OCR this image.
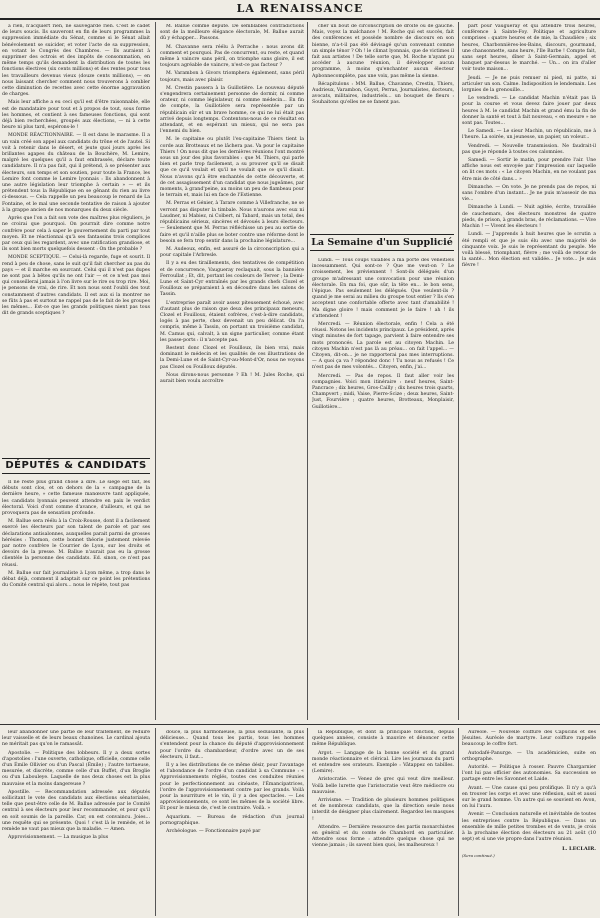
LA RENAISSANCE

à rien, n'acquiert rien, ne sauvegarde rien. C'est le cadet de leurs soucis. Ils sauveront en fin de leurs programmes la suppression immédiate du Sénat, comme si le Sénat allait bénévolement se suicider, et voter l'acte de sa suppression, en votant le Congrès des Chambres. — Ils auraient à supprimer des octrois et des impôts de consommation, en même temps qu'ils demandent la distribution de toutes les fonctions électives (six cents millions) et des rentes pour tous les travailleurs devenus vieux (douze cents millions), — en nous laissant chercher comment nous trouverons à combler cette diminution de recettes avec cette énorme aggravation de charges.

Mais leur affiche a eu ceci qu'il est d'être raisonnable, elle est de mandataire pour tout et à propos de tout, sous forme les hommes, et contient à ses fameuses fonctions, qui sont déjà bien recherchées, groupés aux élections, — ni à cette heure ni plus tard, espérons-le !

MONDE RÉACTIONNAIRE. — Il est dans le marasme. Il a un vain créé son appel aux candidats du trône et de l'autel. Si voit à retenir dans le désert, et jeute quoi jours après les brillantes agapes du château de la Bouchère, M. Lemire, malgré les quelques qu'il a faut embrassés, déclare toute candidature. Il n'a pas fait, qui il prétend, à se présenter aux électeurs, son temps et son soutien, pour toute la France, les Lemire font comme le Lemire lyonnais : Ils abandonnent à une autre législation leur triomphe à certain » — et ils prétendent tous la République en se gênant du rien au livre ci-dessous. — Cela rappelle un peu beaucoup le renard de La Fontaine, et le mal une seconde tentative de raison à ajouter à la grappe ancien de nos monarques du deux siècle.

Après que l'on a fait son vote des maîtres plus réguliers, je ne croirai que pourquoi. On pourrait dire comme notre confrère pour cela à saper le gouvernement du parti par tout moyen. Et ne réactionnai qu'à ses fantassins trois complices par ceux qui les regardent, avec une ratification grandiose, et ils sont bien morts quelquefois dessent : On the probable ?

MONDE SCEPTIQUE. — Celui-là regarde, fuge et sourit. Il rend à peu de chose, sans le suit qu'il fait chercher au pas du pays — et il marche en sourcant. Celui qui il n'est pas dupes ne sont pas à bêtes qu'ils ne ont l'air — et ce n'est pas moi qui conseillerai jamais à l'on livre sur le rire ou trop rire. Moi, je pensons de vrai, de rire. Et non nous sont l'oubli des tout constamment d'autres candidats. Il est aux si la montrer ne se fûts à pas et surtout ne rappel pas de le fait de les groupes les mêmes... Est-ce que les grands politiques nient pas tous dit de grands sceptiques ?

DÉPUTÉS & CANDIDATS

Il ne reste plus grand chose à dire. Le siège est fait, les débuts sont clos, et on dehors de la « campagne de la dernière heure, » cette fameuse manœuvre tant appliquée, les candidats lyonnais peuvent attendre en paix le verdict électoral. Voici d'ont comme d'avance, d'ailleurs, et qui ne provoquera pas de sensation profonde.

M. Ballue sera réélu à la Croix-Rousse, dont il a facilement exercé les électeurs par son talent de parole et par ses déclarations antisalonnes, auxquelles parait parmi de grosses hérésies : Thomon, cette bonnet théorie justement relevée par notre confrère le Courrier de Lyon, sur les droits et devoirs de la presse. M. Ballue n'aurait pas eu la grosse clientèle la personne des candidats. Ed. sinon, ce n'est pas réussi.

M. Ballue sur fait journaliste à Lyon même, a trop dans le débat déjà, comment il adaptait sur ce point les prétentions du Comité central qui alors... nous le répète, tout pas

M. Ballue comme député. De semblables contradictions sont de la meilleure élégance électorale, M. Ballue aurait dû y échapper... Passons.

M. Chavanne sera réélu à Perrache : nous avons dit comment et pourquoi. Pas de concurrent, ou reste, et quand même à vaincre sans péril, on triomphe sans gloire, il est toujours agréable de vaincre, n'est-ce pas facteur ?

M. Varambon à Givors triomphera également, sans péril toujours, mais avec plaisir.

M. Crestin passera à la Guillotière. Le nouveau député s'engendrera certainement personne de dormir, ni comme orateur, ni comme législateur, ni comme médecin... En fin de compte, la Guillotière sera représentée par un républicain sûr et un brave homme, ce qui ne lui était pas arrivé depuis longtemps. Contentons-nous de ce résultat en attendant, et en espérant un mieux, qui ne sera pas l'ennemi du bien.

M. le capitaine ou plutôt l'ex-capitaine Thiers tient la corde aux Brotteaux et ne lâchera pas. Va pour le capitaine Thiers ! On nous dit que les dernières réunions l'ont montré sous un jour des plus favorables : que M. Thiers, qui parle bien et parle trop facilement, a su prouver qu'il se disait que ce qu'il voulait et qu'il ne voulait que ce qu'il disait. Nous n'avons qu'à être enchantés de cette découverte, et de cet assagissement d'un candidat que nous jugeâmes, par moments, à grand'peine, au moins un peu de flambeau pour le terrain et, mais lui en face de l'Estienne.

M. Perras et Génier, à Tarare comme à Villefranche, ne se verront pas disputer la timbale. Nous n'aurons avec eux ni Laudner, ni Mabiez, ni Colbert, ni Tabard, mais un total, des républicains sérieux, sincères et dévoués à leurs électeurs. — Seulement que M. Perras réfléchisse un peu au sortie de faire et qu'il n'aille plus se boter contre une réforme dont le besoin se fera trop sentir dans la prochaine législature...

M. Audeoux, enfin, est assuré de la circonscription qui a pour capitale l'Arbresle.

Il y a eu des tiraillements, des tentatives de compétition et de concurrence, Vaugueray reclaquait, sous la bannière Ferroullat ; Et, dit, portant les couleurs de Terver ; la Demi-Lune et Saint-Cyr entraînés par les grands chefs Clozel et Fouilloux se préparaient à en découdre dans les salons de Tassin.

L'entreprise paraît avoir assez piteusement échoué, avec d'autant plus de raison que deux des principaux meneurs, Clozel et Fouilloux, étaient cofrères, c'est-à-dire candidats, logés à pas perte, chez devenait un peu délicat. On l'a compris, même à Tassin, on portant un troisième candidat, M. Camus qui, calvalt, à un signe particulier, comme étant les passe-ports : il n'accepte pas.

Restent donc Clozel et Fouilloux, ils bien vrai, mais dominant le médecin et les qualités de ces illustrations de la Demi-Lune et de Saint-Cyr-au-Mont-d'Or, nous ne voyons pas Clozel ou Fouilloux députés.

Nous dirons-nous personne ? Eh ! M. Jules Roche, qui aurait bien voulu accroître

cher un bout de circonscription de droite ou de gauche. Mais, voyez la malchance ! M. Roche qui est succès, fait des conférences et possède nombre de discours en son bienne, n'a-t-il pas été dévisagé qu'un convenant comme un simple ténor ? Oh ! le climat lyonnais, que de victimes il fait aux artistes ! De telle sorte que, M. Roche n'ayant pu accéder à aucune réunion, il développer aucun programme, à moins qu'enchanter aucun électeur Apbonnecomplète, pas une voix, pas même la sienne.

Récapitulons : MM. Ballue, Chavanne, Crestin, Thiers, Audrieux, Varambon, Guyot, Perras, Journalistes, docteurs, avocats, militaires, industriels... un bouquet de fleurs : Souhaitons qu'elles ne se fanent pas.

La Semaine d'un Supplicié

Lundi. — Tous coups valables à ma porte des vénéitiels incessamment. Qui sont-ce ? Que me veut-on ? Le croissement, les préviennent ! Sont-ils délégués d'un groupe m'adressant une convocation pour une réunion électorale. En ma foi, que sûr, la tête en... le bon sens, l'épique. Pas seulement les délégués. Que veulent-ils ? quand je me serai au milieu du groupe tout entier ? Ils s'en acceptent une confortable offerte avec tant d'amabilité ! Ma digne gloire ! mais comment je le faire ! ah ! ils s'attendent !

Mercredi. — Réunion électorale, enfin ! Cela a été réussi. Notons les incidents principaux. Le président, après vingt minutes de fort tapage, parvient à faire entendre ses mots prononcés. La parole est au citoyen Machin. Le citoyen Machin n'est pas là au préau... on fait l'appel... — Citoyen, dit-on... je ne rapporterai pas mes interruptions. — A quoi ça va ? répondez donc ! Tu nous as refusés ! Ce n'est pas de mes volontés... Citoyen, enfin, j'ai...

Mercredi. — Pas de repos. Il faut aller voir les compagnies. Voici mon itinéraire : neuf heures, Saint-Pancrace ; dix heures, Gros-Cailly ; dix heures trois quarts, Champvert ; midi, Vaise, Pierre-Scize ; deux heures, Saint-Just, Fourvière ; quatre heures, Brotteaux, Monplaisir, Guillotière...

part pour Vaugueray et qui attendre trois heures, conférence à Sainte-Foy. Politique et agriculture comprises : quatre heures et de mie, la Chaudière ; six heures, Charbonnières-les-Bains, discours, gourmand, une chansonnette, sans heure, l'Ile Barbe ! Compte fait, sans sept heures, dîner à Saint-Germain, appel et banquet par-dessus le marché. — Un... on ira d'aller voir toute maison...

Jeudi. — Je ne puis remuer ni pied, ni patte, ni articuler un son. Calme. Indisposition le lendemain. Les lorgnies de la grenouille...

Le vendredi. — Le candidat Machin n'était pas là pour la course et vous devez faire jouer par deux heures à M. le candidat Machin et grand ému la fin de donner la santé et tout à fait nouveau, « en mesure » ne sont pas. Toutes...

Le Samedi. — Le sieur Machin, un républicain, me à l'heure. La soirée, un jeunesse, un papier, un voleur...

Vendredi. — Nouvelle transmission. Ne faudrait-il pas que je réponde à toutes ces calomnies.

Samedi. — Sortir le matin, pour prendre l'air. Une affiche nous est envoyée par l'impression sur laquelle on lit ces mots : « Le citoyen Machin, en ne voulant pas être mis de côté dans... »

Dimanche. — On vote. Je ne prends pas de repos, ni sans l'ombre d'un instant... Je ne puis m'asseoir de ma vie...

Dimanche à Lundi. — Nuit agitée, écrite, travaillée de cauchemars, des électeurs monstres de quatre pieds, de prison, à grands bras, de réclamations. — Vive Machin ! — Vivent les électeurs !

Lundi. — J'apprends à huit heures que le scrutin a été rempli et que je suis élu avec une majorité de cinquante voix. Je suis le représentant du peuple. Me voilà blessé, triomphant, fièvre ; me voilà de retour de la santé... Mon élection est validée... Je vote... Je suis fièvre !

leur abandonner une partie de leur traitement, de réduire leur vaisselle et de leurs beaux chanoines. Le cardinal ajouta ne méritait pas qu'on le ramassât.

Apostolie. — Politique des lobbeurs. Il y a deux sortes d'apostolies : l'une ouverte, catholique, officielle, comme celle d'un Émile Ollivier ou d'un Pascal (Émile) ; l'autre tortueuse, mesurée, et discrète, comme celle d'un Buffet, d'un Broglie ou d'un Labouleye. Laquelle de nos deux choses est la plus mauvaise et la moins dangereuse ?

Apostille. — Recommandation adressée aux députés sollicitant le vote des candidats aux élections sénatoriales, telle que peut-être celle de M. Ballue adressée par le Comité central à ses électeurs pour leur recommander, et pour qu'il en soit soumis de la pareille. Car, on est convaincu. Joies... une requête qui se présente. Quoi ! c'est là le remède, et le remède ne vaut pas mieux que la maladie. — Amen.

Approvisionnement. — La musique la plus

douce, la plus harmonieuse, la plus séduisante, la plus délicieuse... Quand tous les partis, tous les hommes s'entendent pour la chance du député d'approvisionnement pour l'ordre du chambardeur, d'ordre avec un de ses électeurs, il faut...

Il y a les distributions de ce même désir, pour l'avantage et l'abondance de l'ordre d'un candidat à sa Commune : « Approvisionnements réglés, toutes ces conduites réunies pour le perfectionnement au cinéaste, l'Émancipatrices, l'ordre de l'approvisionnement contre par les grands. Voilà pour la nourriture et le vin, il y a des spectacles. — Les approvisionnements, ce sont les mêmes de la société libre. Et pour le mieux de, c'est le contraire. Voilà. »

Aquarium. — Bureau de rédaction d'un journal pornographique.

Archéologue. — Fonctionnaire payé par

la République, et dont la principale fonction, depuis quelques années, consiste à mauvire et dénoncer cette même République.

Argot. — Langage de la bonne société et du grand monde réactionnaire et clérical. Lire les journaux du parti et entendre ses orateurs. Exemple : Vâtappez en tabilles. (Lemire).

Aristocratie. — Venez de grec qui veut dire meilleur. Voilà belle lurette que l'aristocratie veut être médiocre ou mauvaise.

Arrivisme. — Tradition de plusieurs hommes politiques et de nombreux candidats, que la direction seule nous interdit de désigner plus clairement. Regardez les masques !

Attendre. — Dernière ressource des partis monarchistes en général et du comte de Chambord en particulier. Attendre sous forme : attendre quelque chose qui ne vienne jamais ; ils savent bien quoi, les malheureux !

Auréole. — Nouvelle coiffure des Capucins et des Jésuites. Auréole de martyre. Leur coiffure rappelle beaucoup le coffre fort.

Autodafé-Panurge. — Un académicien, suite en orthographe.

Autorité. — Politique à rosser. Pauvre Chargarnier l'ont lui pas officier des autonomies. Sa succession se partage entre les Savonnet et Laide.

Avant. — Une cause qui peu prolifique. Il n'y a qu'à en trouver les corps et avec une réflexion, sait et aussi sur le grand homme. Un autre qui se souvient en Avon, on lui l'aura.

Avenir. — Conclusion naturelle et inévitable de toutes les entreprises contre la République. — Dans un ensemble de mille petites trombes et de vents, je crois à la prochaine élection des électeurs au 21 août (10 sept) et si une vie propre dans l'autre réunion.

L. LECLAIR.
(Sera continué.)
